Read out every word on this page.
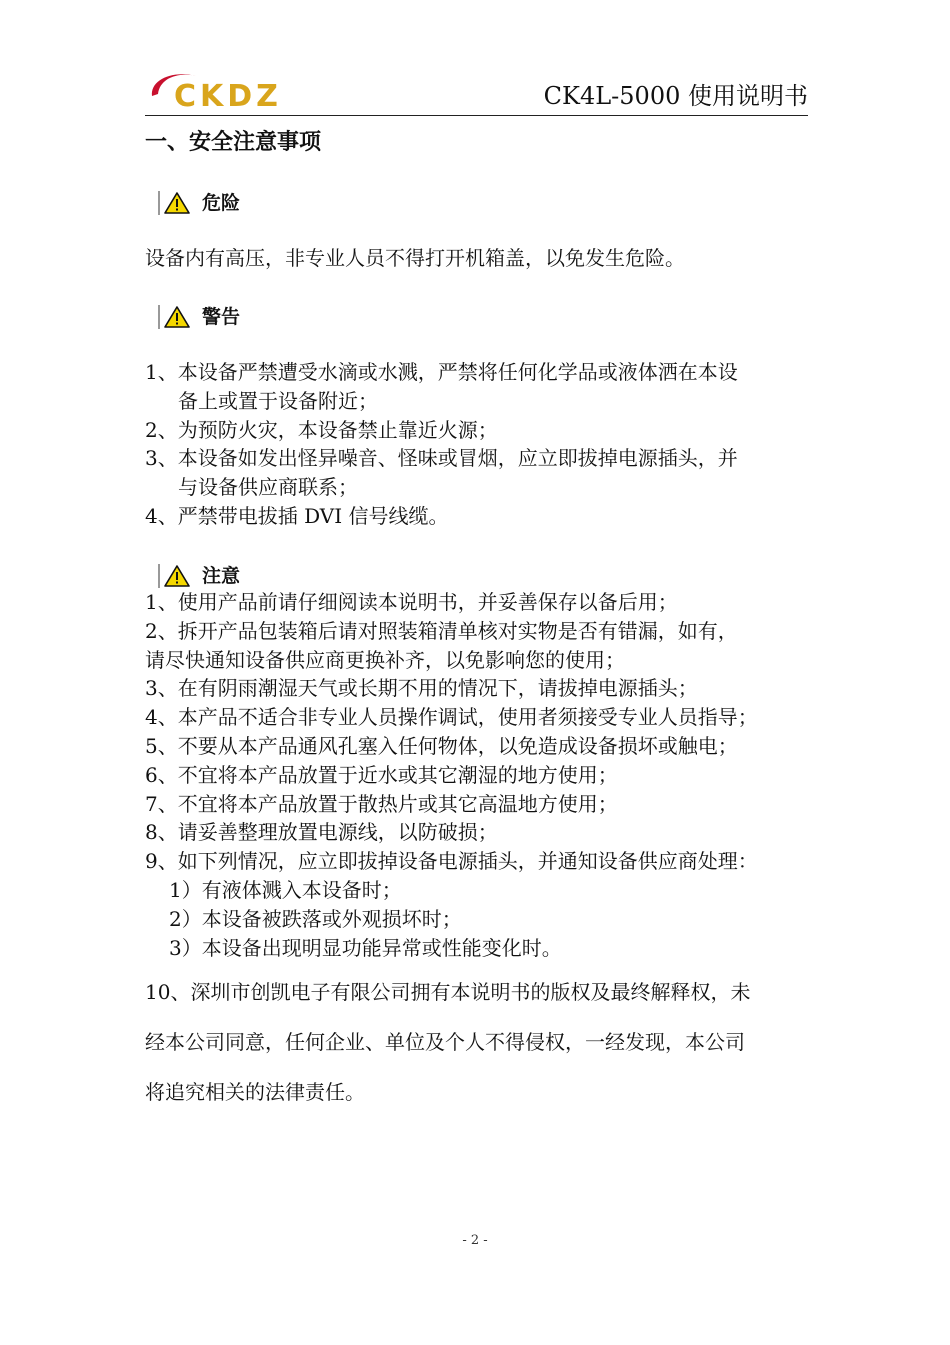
CKDZ	CK4L-5000 使用说明书
一、安全注意事项
危险
设备内有高压，非专业人员不得打开机箱盖，以免发生危险。
警告
1、本设备严禁遭受水滴或水溅，严禁将任何化学品或液体洒在本设
备上或置于设备附近；
2、为预防火灾，本设备禁止靠近火源；
3、本设备如发出怪异噪音、怪味或冒烟，应立即拔掉电源插头，并
与设备供应商联系；
4、严禁带电拔插 DVI 信号线缆。
注意
1、使用产品前请仔细阅读本说明书，并妥善保存以备后用；
2、拆开产品包装箱后请对照装箱清单核对实物是否有错漏，如有，
请尽快通知设备供应商更换补齐，以免影响您的使用；
3、在有阴雨潮湿天气或长期不用的情况下，请拔掉电源插头；
4、本产品不适合非专业人员操作调试，使用者须接受专业人员指导；
5、不要从本产品通风孔塞入任何物体，以免造成设备损坏或触电；
6、不宜将本产品放置于近水或其它潮湿的地方使用；
7、不宜将本产品放置于散热片或其它高温地方使用；
8、请妥善整理放置电源线，以防破损；
9、如下列情况，应立即拔掉设备电源插头，并通知设备供应商处理：
1）有液体溅入本设备时；
2）本设备被跌落或外观损坏时；
3）本设备出现明显功能异常或性能变化时。
10、深圳市创凯电子有限公司拥有本说明书的版权及最终解释权，未
经本公司同意，任何企业、单位及个人不得侵权，一经发现，本公司
将追究相关的法律责任。
- 2 -
